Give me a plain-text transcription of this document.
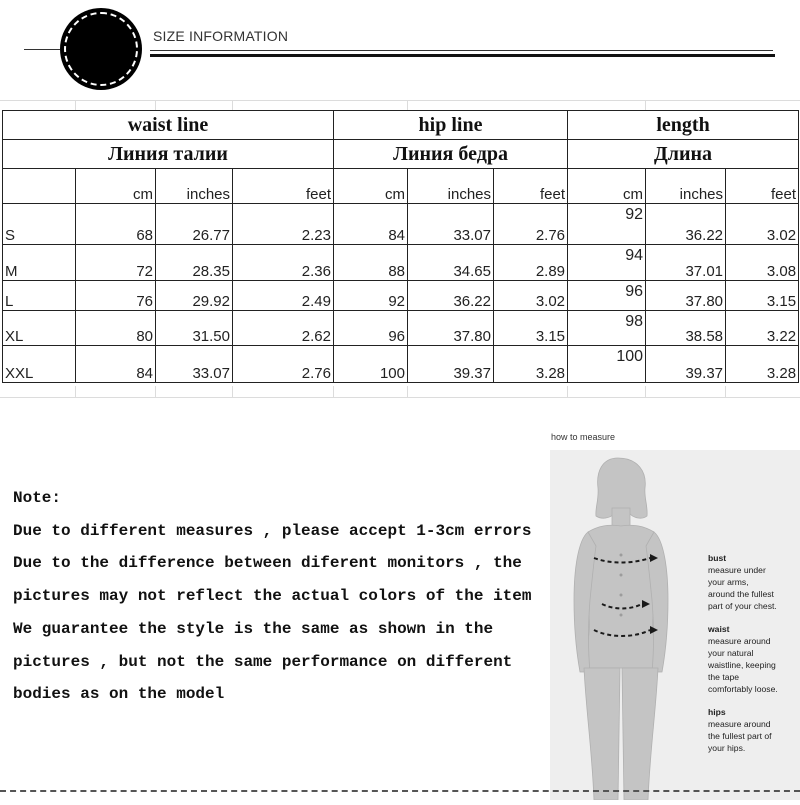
SIZE INFORMATION
waist line				hip line			length		
Линия талии				Линия бедра			Длина		
	cm	inches	feet	cm	inches	feet	cm	inches	feet
S	68	26.77	2.23	84	33.07	2.76	92	36.22	3.02
M	72	28.35	2.36	88	34.65	2.89	94	37.01	3.08
L	76	29.92	2.49	92	36.22	3.02	96	37.80	3.15
XL	80	31.50	2.62	96	37.80	3.15	98	38.58	3.22
XXL	84	33.07	2.76	100	39.37	3.28	100	39.37	3.28
Note:
Due to different measures , please accept 1-3cm errors
Due to the difference between diferent monitors , the
pictures may not reflect the actual colors of the item
We guarantee the style is the same as shown in the
pictures , but not the same performance on different
bodies as on the model
how to measure
bust
measure under
your arms,
around the fullest
part of your chest.
waist
measure around
your natural
waistline, keeping
the tape
comfortably loose.
hips
measure around
the fullest part of
your hips.
